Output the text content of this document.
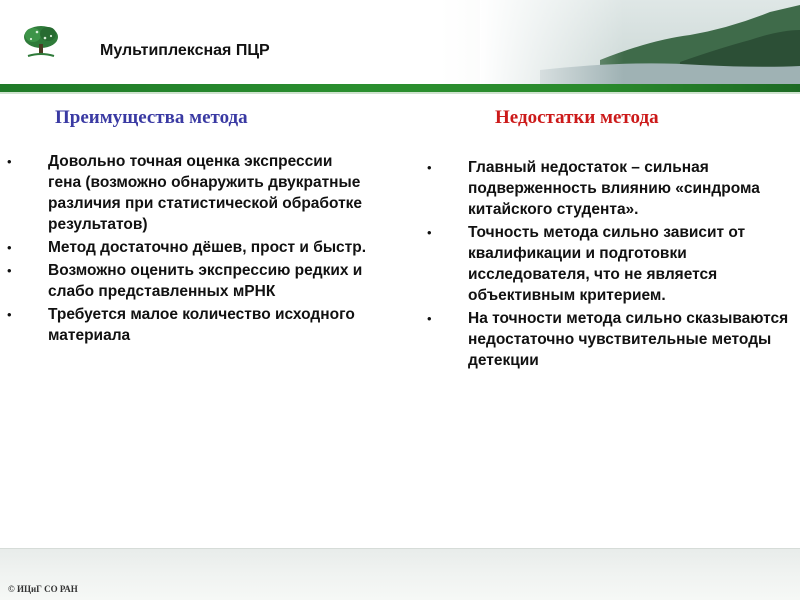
Мультиплексная ПЦР
Преимущества метода	Недостатки метода
• Довольно точная оценка экспрессии гена (возможно обнаружить двукратные различия при статистической обработке результатов)
• Метод достаточно дёшев, прост и быстр.
• Возможно оценить экспрессию редких и слабо представленных мРНК
• Требуется малое количество исходного материала
• Главный недостаток – сильная подверженность влиянию «синдрома китайского студента».
• Точность метода сильно зависит от квалификации и подготовки исследователя, что не является объективным критерием.
• На точности метода сильно сказываются недостаточно чувствительные методы детекции
© ИЦиГ СО РАН
